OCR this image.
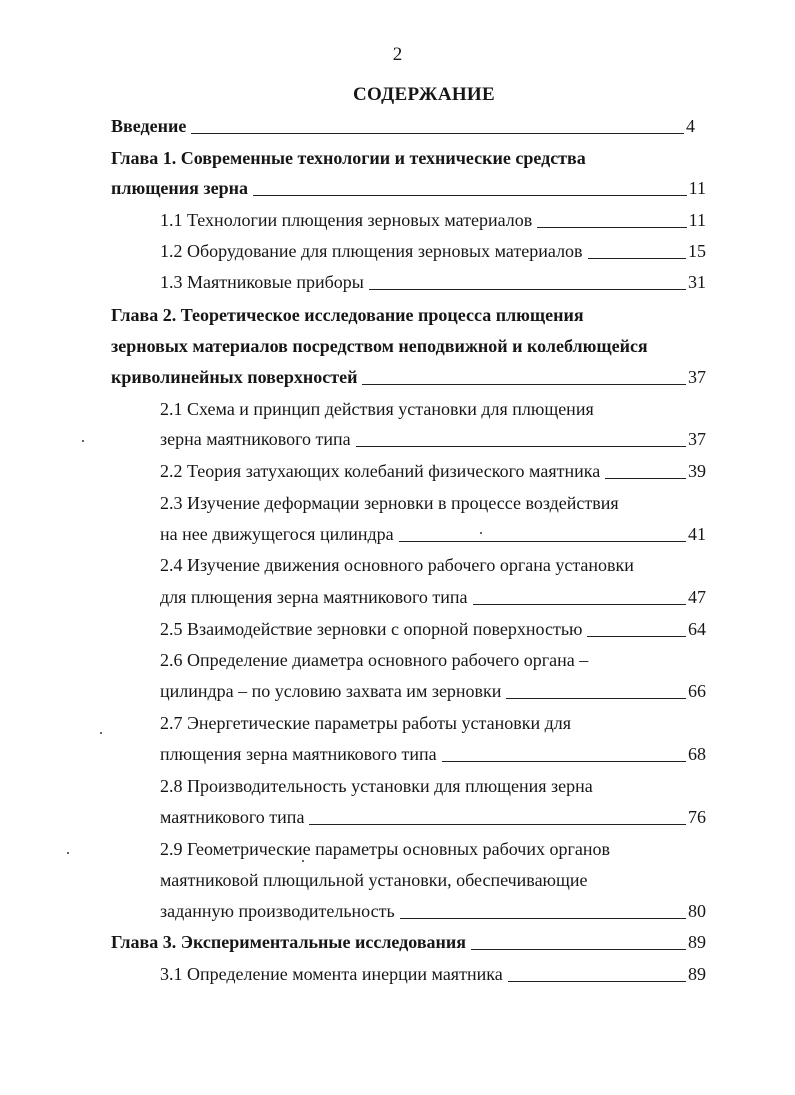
2
СОДЕРЖАНИЕ
Введение	4
Глава 1. Современные технологии и технические средства
плющения зерна	11
1.1 Технологии плющения зерновых материалов	11
1.2 Оборудование для плющения зерновых материалов	15
1.3 Маятниковые приборы	31
Глава 2. Теоретическое исследование процесса плющения
зерновых материалов посредством неподвижной и колеблющейся
криволинейных поверхностей	37
2.1 Схема и принцип действия установки для плющения
зерна маятникового типа	37
2.2 Теория затухающих колебаний физического маятника	39
2.3 Изучение деформации зерновки в процессе воздействия
на нее движущегося цилиндра	41
2.4 Изучение движения основного рабочего органа установки
для плющения зерна маятникового типа	47
2.5 Взаимодействие зерновки с опорной поверхностью	64
2.6 Определение диаметра основного рабочего органа –
цилиндра – по условию захвата им зерновки	66
2.7 Энергетические параметры работы установки для
плющения зерна маятникового типа	68
2.8 Производительность установки для плющения зерна
маятникового типа	76
2.9 Геометрические параметры основных рабочих органов
маятниковой плющильной установки, обеспечивающие
заданную производительность	80
Глава 3. Экспериментальные исследования	89
3.1 Определение момента инерции маятника	89
